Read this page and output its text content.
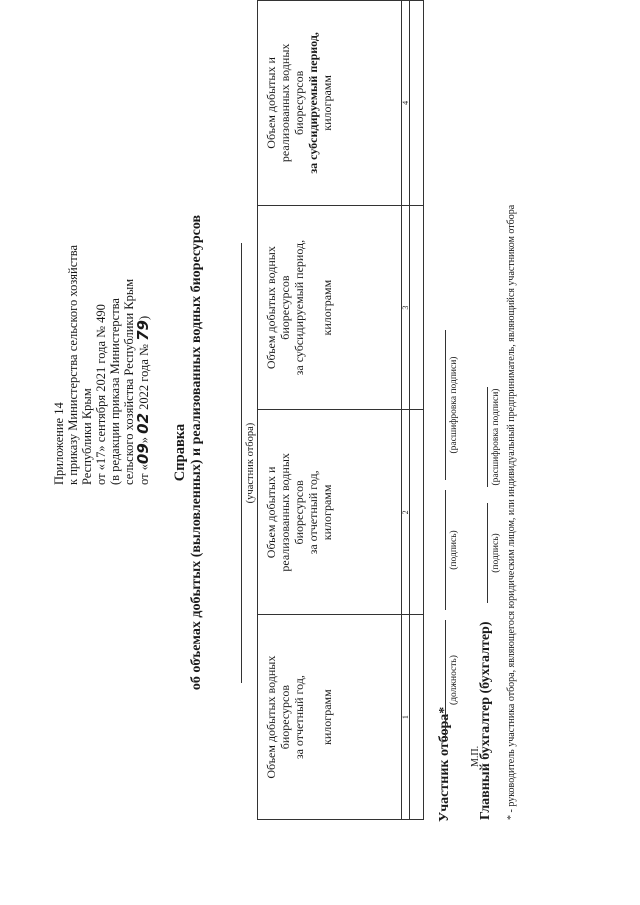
Приложение 14 к приказу Министерства сельского хозяйства Республики Крым от «17» сентября 2021 года № 490 (в редакции приказа Министерства сельского хозяйства Республики Крым от «09» 02 2022 года № 79)
Справка об объемах добытых (выловленных) и реализованных водных биоресурсов	(участник отбора)
Объем добытых водных биоресурсов за отчетный год, килограмм	Объем добытых и реализованных водных биоресурсов за отчетный год, килограмм	Объем добытых водных биоресурсов за субсидируемый период, килограмм	Объем добытых и реализованных водных биоресурсов за субсидируемый период, килограмм

1	2	3	4

Участник отбора*
(должность)
(подпись)
(расшифровка подписи)
М.П.
Главный бухгалтер (бухгалтер)
(подпись)
(расшифровка подписи) * - руководитель участника отбора, являющегося юридическим лицом, или индивидуальный предприниматель, являющийся участником отбора
